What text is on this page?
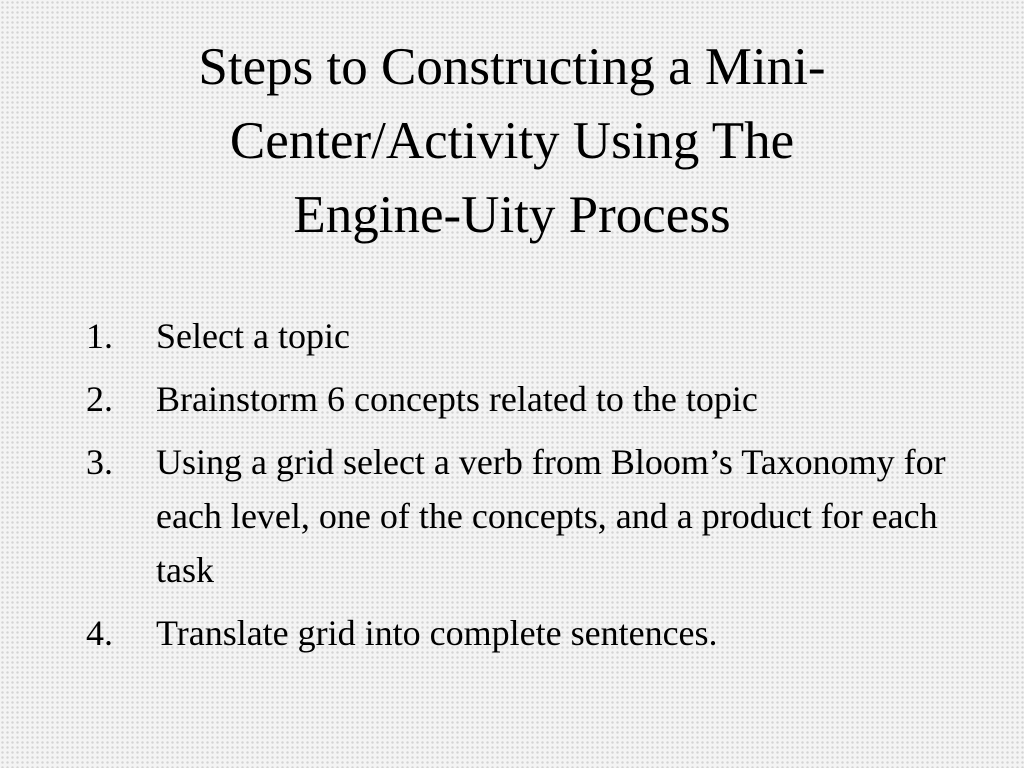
Steps to Constructing a Mini-
Center/Activity Using The
Engine-Uity Process
1. Select a topic
2. Brainstorm 6 concepts related to the topic
3. Using a grid select a verb from Bloom’s Taxonomy for each level, one of the concepts, and a product for each task
4. Translate grid into complete sentences.
